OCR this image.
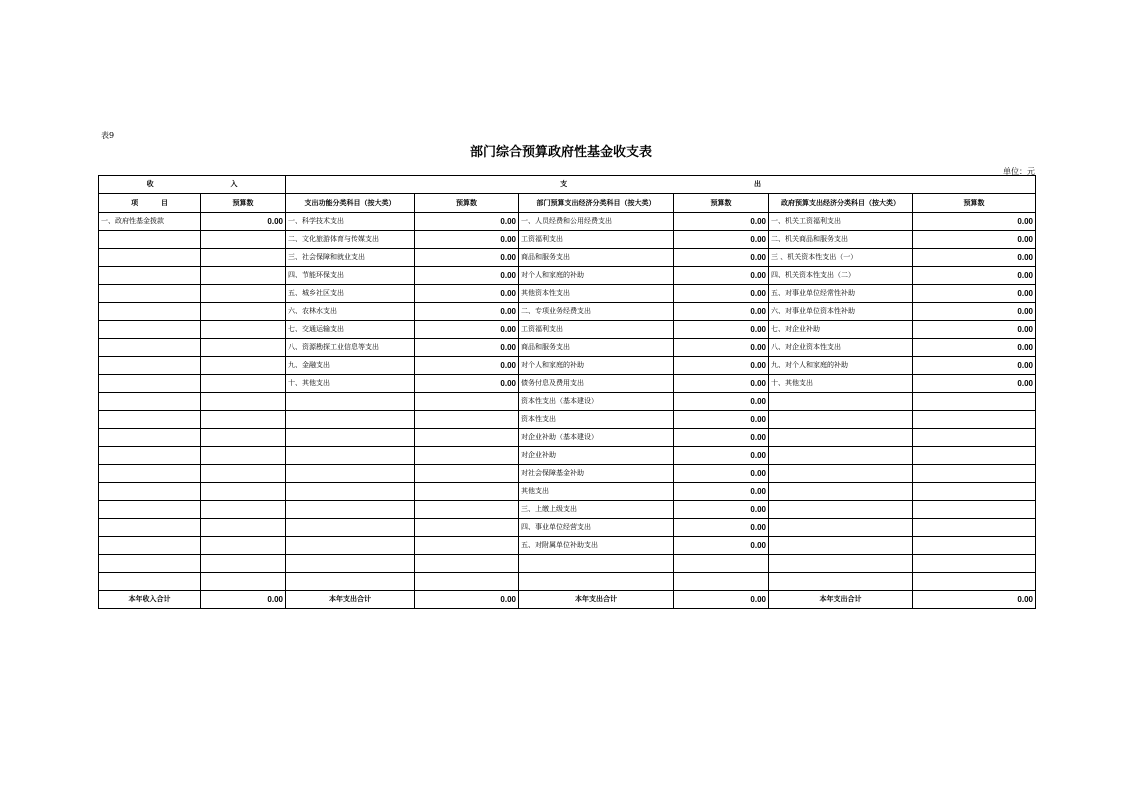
表9
部门综合预算政府性基金收支表
单位：元
收 入		支 出					
项 目	预算数	支出功能分类科目（按大类）	预算数	部门预算支出经济分类科目（按大类）	预算数	政府预算支出经济分类科目（按大类）	预算数
一、政府性基金拨款	0.00	一、科学技术支出	0.00	一、人员经费和公用经费支出	0.00	一、机关工资福利支出	0.00
		二、文化旅游体育与传媒支出	0.00	工资福利支出	0.00	二、机关商品和服务支出	0.00
		三、社会保障和就业支出	0.00	商品和服务支出	0.00	三 、机关资本性支出（一）	0.00
		四、节能环保支出	0.00	对个人和家庭的补助	0.00	四、机关资本性支出（二）	0.00
		五、城乡社区支出	0.00	其他资本性支出	0.00	五、对事业单位经常性补助	0.00
		六、农林水支出	0.00	二、专项业务经费支出	0.00	六、对事业单位资本性补助	0.00
		七、交通运输支出	0.00	工资福利支出	0.00	七、对企业补助	0.00
		八、资源勘探工业信息等支出	0.00	商品和服务支出	0.00	八、对企业资本性支出	0.00
		九、金融支出	0.00	对个人和家庭的补助	0.00	九、对个人和家庭的补助	0.00
		十、其他支出	0.00	债务付息及费用支出	0.00	十、其他支出	0.00
				资本性支出（基本建设）	0.00		
				资本性支出	0.00		
				对企业补助（基本建设）	0.00		
				对企业补助	0.00		
				对社会保障基金补助	0.00		
				其他支出	0.00		
				三、上缴上级支出	0.00		
				四、事业单位经营支出	0.00		
				五、对附属单位补助支出	0.00		

本年收入合计	0.00	本年支出合计	0.00	本年支出合计	0.00	本年支出合计	0.00
